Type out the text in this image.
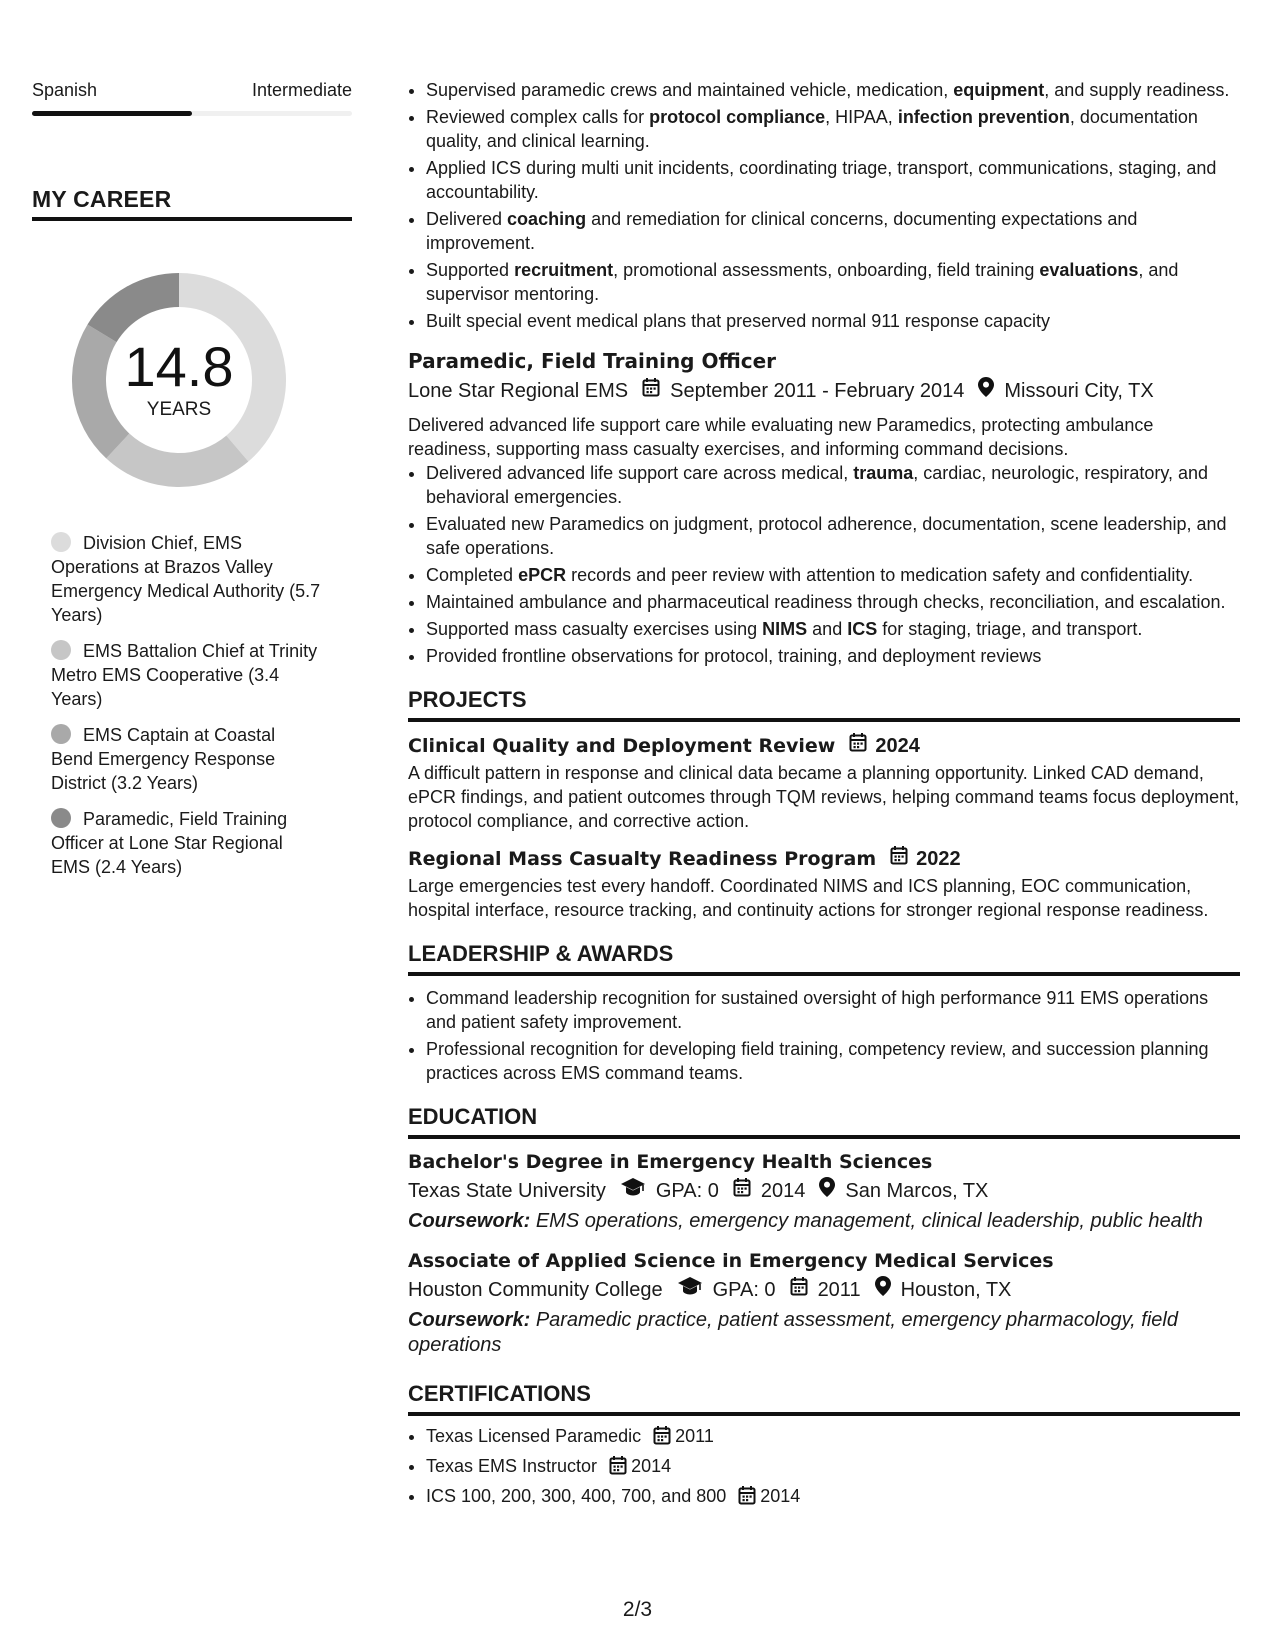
Spanish	Intermediate
MY CAREER
14.8
YEARS
Division Chief, EMS Operations at Brazos Valley Emergency Medical Authority (5.7 Years)
EMS Battalion Chief at Trinity Metro EMS Cooperative (3.4 Years)
EMS Captain at Coastal Bend Emergency Response District (3.2 Years)
Paramedic, Field Training Officer at Lone Star Regional EMS (2.4 Years)
• Supervised paramedic crews and maintained vehicle, medication, equipment, and supply readiness.
• Reviewed complex calls for protocol compliance, HIPAA, infection prevention, documentation quality, and clinical learning.
• Applied ICS during multi unit incidents, coordinating triage, transport, communications, staging, and accountability.
• Delivered coaching and remediation for clinical concerns, documenting expectations and improvement.
• Supported recruitment, promotional assessments, onboarding, field training evaluations, and supervisor mentoring.
• Built special event medical plans that preserved normal 911 response capacity
Paramedic, Field Training Officer
Lone Star Regional EMS September 2011 - February 2014 Missouri City, TX
Delivered advanced life support care while evaluating new Paramedics, protecting ambulance readiness, supporting mass casualty exercises, and informing command decisions.
• Delivered advanced life support care across medical, trauma, cardiac, neurologic, respiratory, and behavioral emergencies.
• Evaluated new Paramedics on judgment, protocol adherence, documentation, scene leadership, and safe operations.
• Completed ePCR records and peer review with attention to medication safety and confidentiality.
• Maintained ambulance and pharmaceutical readiness through checks, reconciliation, and escalation.
• Supported mass casualty exercises using NIMS and ICS for staging, triage, and transport.
• Provided frontline observations for protocol, training, and deployment reviews
PROJECTS
Clinical Quality and Deployment Review 2024
A difficult pattern in response and clinical data became a planning opportunity. Linked CAD demand, ePCR findings, and patient outcomes through TQM reviews, helping command teams focus deployment, protocol compliance, and corrective action.
Regional Mass Casualty Readiness Program 2022
Large emergencies test every handoff. Coordinated NIMS and ICS planning, EOC communication, hospital interface, resource tracking, and continuity actions for stronger regional response readiness.
LEADERSHIP & AWARDS
• Command leadership recognition for sustained oversight of high performance 911 EMS operations and patient safety improvement.
• Professional recognition for developing field training, competency review, and succession planning practices across EMS command teams.
EDUCATION
Bachelor's Degree in Emergency Health Sciences
Texas State University	GPA: 0 2014 San Marcos, TX
Coursework: EMS operations, emergency management, clinical leadership, public health
Associate of Applied Science in Emergency Medical Services
Houston Community College	GPA: 0 2011 Houston, TX
Coursework: Paramedic practice, patient assessment, emergency pharmacology, field operations
CERTIFICATIONS
• Texas Licensed Paramedic 2011
• Texas EMS Instructor 2014
• ICS 100, 200, 300, 400, 700, and 800 2014
2/3
